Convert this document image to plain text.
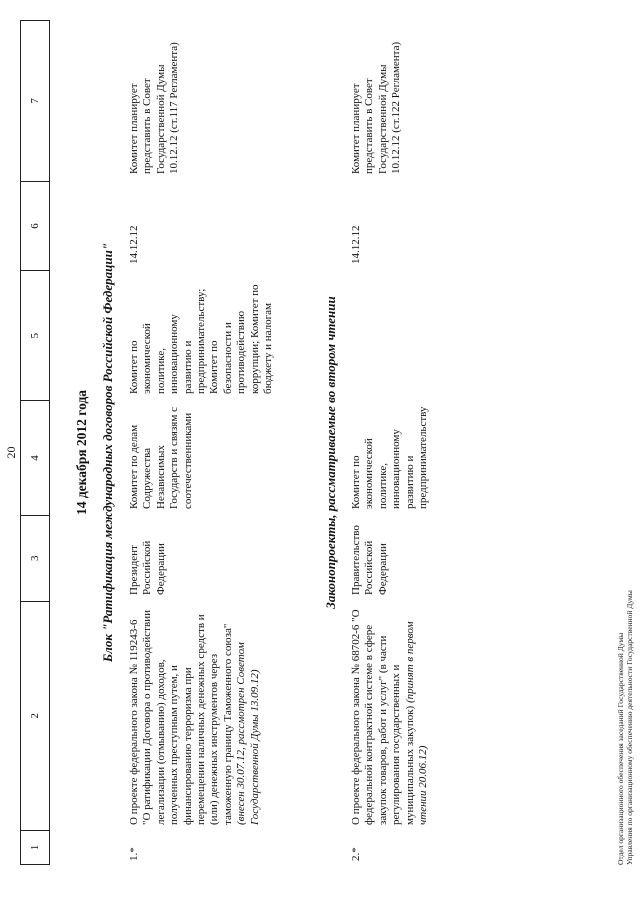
20
1
2
3
4
5
6
7
14 декабря 2012 года Блок "Ратификация международных договоров Российской Федерации"
1.*
О проекте федерального закона № 119243-6 "О ратификации Договора о противодействии легализации (отмыванию) доходов, полученных преступным путем, и финансированию терроризма при перемещении наличных денежных средств и (или) денежных инструментов через таможенную границу Таможенного союза" (внесен 30.07.12, рассмотрен Советом Государственной Думы 13.09.12)
Президент Российской Федерации
Комитет по делам Содружества Независимых Государств и связям с соотечественниками
Комитет по экономической политике, инновационному развитию и предпринимательству; Комитет по безопасности и противодействию коррупции; Комитет по бюджету и налогам
14.12.12
Комитет планирует представить в Совет Государственной Думы 10.12.12 (ст.117 Регламента)
Законопроекты, рассматриваемые во втором чтении
2.*
О проекте федерального закона № 68702-6 "О федеральной контрактной системе в сфере закупок товаров, работ и услуг" (в части регулирования государственных и муниципальных закупок) (принят в первом чтении 20.06.12)
Правительство Российской Федерации
Комитет по экономической политике, инновационному развитию и предпринимательству
14.12.12
Комитет планирует представить в Совет Государственной Думы 10.12.12 (ст.122 Регламента)
Отдел организационного обеспечения заседаний Государственной Думы Управления по организационному обеспечению деятельности Государственной Думы
